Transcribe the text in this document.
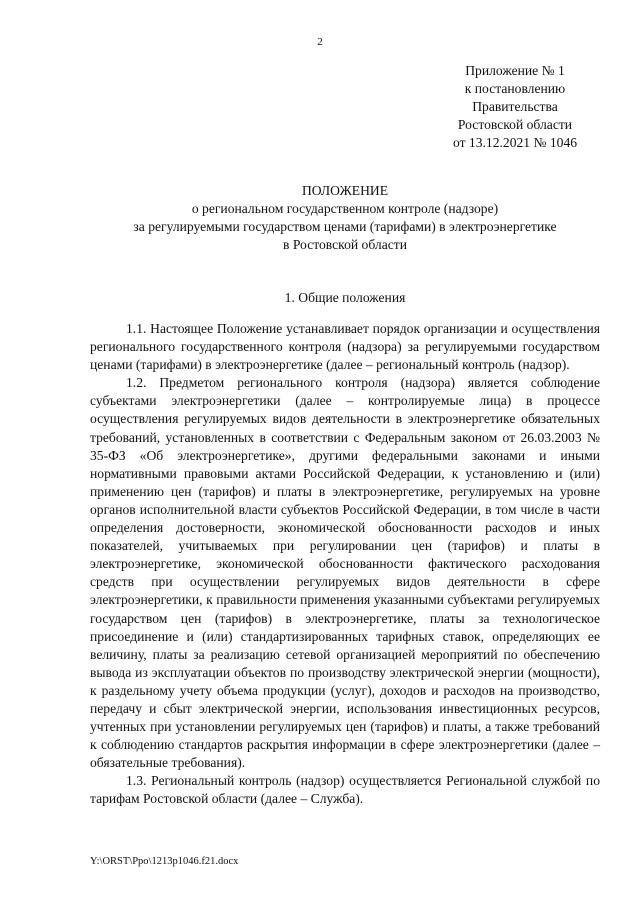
2
Приложение № 1
к постановлению
Правительства
Ростовской области
от 13.12.2021 № 1046
ПОЛОЖЕНИЕ
о региональном государственном контроле (надзоре)
за регулируемыми государством ценами (тарифами) в электроэнергетике
в Ростовской области
1. Общие положения

1.1. Настоящее Положение устанавливает порядок организации и осуществления регионального государственного контроля (надзора) за регулируемыми государством ценами (тарифами) в электроэнергетике (далее – региональный контроль (надзор).

1.2. Предметом регионального контроля (надзора) является соблюдение субъектами электроэнергетики (далее – контролируемые лица) в процессе осуществления регулируемых видов деятельности в электроэнергетике обязательных требований, установленных в соответствии с Федеральным законом от 26.03.2003 № 35-ФЗ «Об электроэнергетике», другими федеральными законами и иными нормативными правовыми актами Российской Федерации, к установлению и (или) применению цен (тарифов) и платы в электроэнергетике, регулируемых на уровне органов исполнительной власти субъектов Российской Федерации, в том числе в части определения достоверности, экономической обоснованности расходов и иных показателей, учитываемых при регулировании цен (тарифов) и платы в электроэнергетике, экономической обоснованности фактического расходования средств при осуществлении регулируемых видов деятельности в сфере электроэнергетики, к правильности применения указанными субъектами регулируемых государством цен (тарифов) в электроэнергетике, платы за технологическое присоединение и (или) стандартизированных тарифных ставок, определяющих ее величину, платы за реализацию сетевой организацией мероприятий по обеспечению вывода из эксплуатации объектов по производству электрической энергии (мощности), к раздельному учету объема продукции (услуг), доходов и расходов на производство, передачу и сбыт электрической энергии, использования инвестиционных ресурсов, учтенных при установлении регулируемых цен (тарифов) и платы, а также требований к соблюдению стандартов раскрытия информации в сфере электроэнергетики (далее – обязательные требования).

1.3. Региональный контроль (надзор) осуществляется Региональной службой по тарифам Ростовской области (далее – Служба).

Y:\ORST\Ppo\1213p1046.f21.docx
